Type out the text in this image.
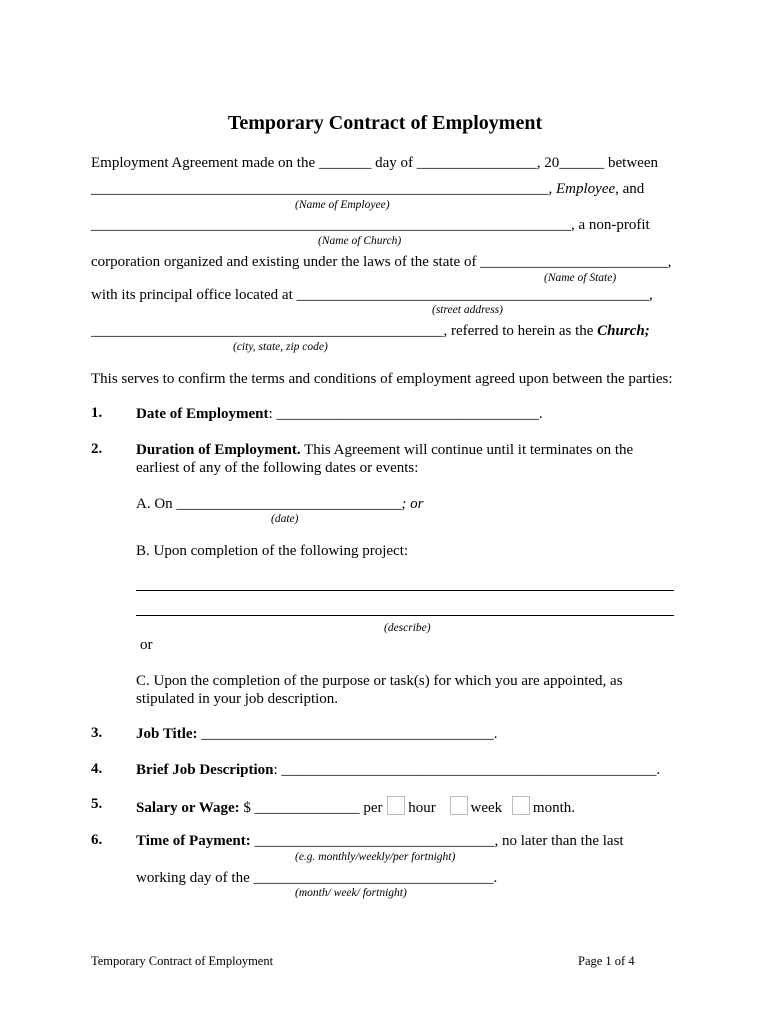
Temporary Contract of Employment
Employment Agreement made on the _______ day of ________________, 20______ between
_____________________________________________________________, Employee, and
(Name of Employee)
________________________________________________________________, a non-profit
(Name of Church)
corporation organized and existing under the laws of the state of _________________________,
(Name of State)
with its principal office located at _______________________________________________,
(street address)
_______________________________________________, referred to herein as the Church;
(city, state, zip code)
This serves to confirm the terms and conditions of employment agreed upon between the parties:
1. Date of Employment: ___________________________________.
2. Duration of Employment. This Agreement will continue until it terminates on the
earliest of any of the following dates or events:
A. On ______________________________; or
(date)
B. Upon completion of the following project:
(describe)
or
C. Upon the completion of the purpose or task(s) for which you are appointed, as
stipulated in your job description.
3. Job Title: _______________________________________.
4. Brief Job Description: __________________________________________________.
5. Salary or Wage: $ ______________ per hour week month.
6. Time of Payment: ________________________________, no later than the last
(e.g. monthly/weekly/per fortnight)
working day of the ________________________________.
(month/ week/ fortnight)
Temporary Contract of Employment	Page 1 of 4
